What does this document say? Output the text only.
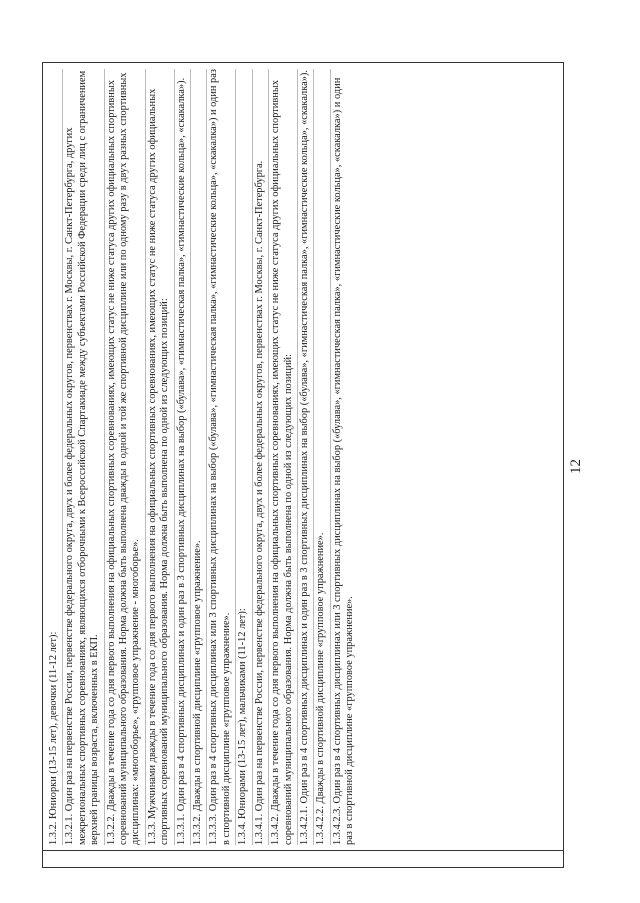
12

1.3.2. Юниорки (13-15 лет), девочки (11-12 лет): 1.3.2.1. Один раз на первенстве России, первенстве федерального округа, двух и более федеральных округов, первенствах г. Москвы, г. Санкт-Петербурга, других межрегиональных спортивных соревнованиях, являющихся отборочными к Всероссийской Спартакиаде между субъектами Российской Федерации среди лиц с ограничением верхней границы возраста, включенных в ЕКП. 1.3.2.2. Дважды в течение года со дня первого выполнения на официальных спортивных соревнованиях, имеющих статус не ниже статуса других официальных спортивных соревнований муниципального образования. Норма должна быть выполнена дважды в одной и той же спортивной дисциплине или по одному разу в двух разных спортивных дисциплинах: «многоборье», «групповое упражнение - многоборье». 1.3.3. Мужчинами дважды в течение года со дня первого выполнения на официальных спортивных соревнованиях, имеющих статус не ниже статуса других официальных спортивных соревнований муниципального образования. Норма должна быть выполнена по одной из следующих позиций: 1.3.3.1. Один раз в 4 спортивных дисциплинах и один раз в 3 спортивных дисциплинах на выбор («булава», «гимнастическая палка», «гимнастические кольца», «скакалка»). 1.3.3.2. Дважды в спортивной дисциплине «групповое упражнение». 1.3.3.3. Один раз в 4 спортивных дисциплинах или 3 спортивных дисциплинах на выбор («булава», «гимнастическая палка», «гимнастические кольца», «скакалка») и один раз в спортивной дисциплине «групповое упражнение». 1.3.4. Юниорами (13-15 лет), мальчиками (11-12 лет): 1.3.4.1. Один раз на первенстве России, первенстве федерального округа, двух и более федеральных округов, первенствах г. Москвы, г. Санкт-Петербурга. 1.3.4.2. Дважды в течение года со дня первого выполнения на официальных спортивных соревнованиях, имеющих статус не ниже статуса других официальных спортивных соревнований муниципального образования. Норма должна быть выполнена по одной из следующих позиций: 1.3.4.2.1. Один раз в 4 спортивных дисциплинах и один раз в 3 спортивных дисциплинах на выбор («булава», «гимнастическая палка», «гимнастические кольца», «скакалка»). 1.3.4.2.2. Дважды в спортивной дисциплине «групповое упражнение». 1.3.4.2.3. Один раз в 4 спортивных дисциплинах или 3 спортивных дисциплинах на выбор («булава», «гимнастическая палка», «гимнастические кольца», «скакалка») и один раз в спортивной дисциплине «групповое упражнение».
